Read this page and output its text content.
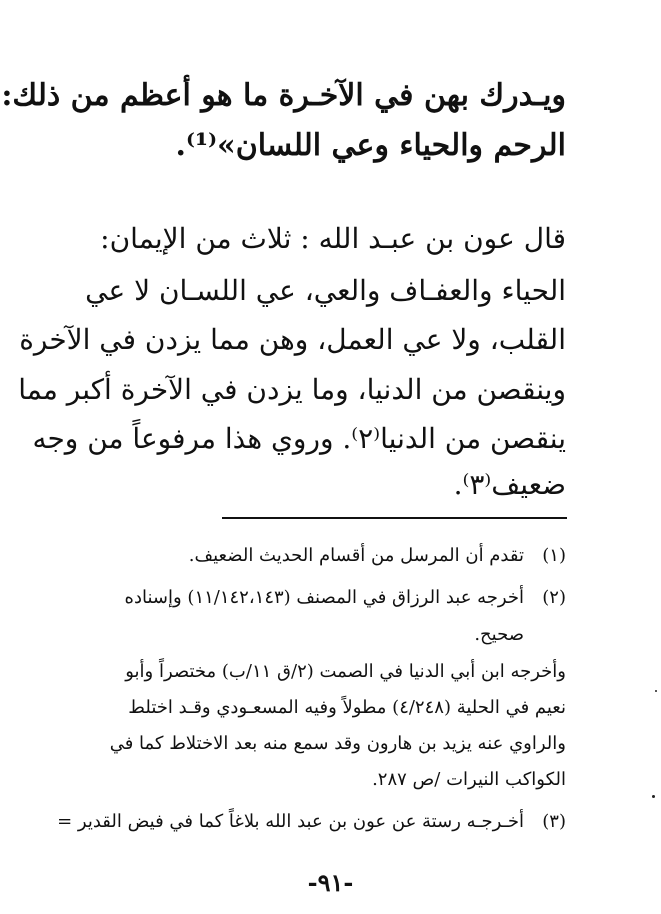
ويـدرك بهن في الآخـرة ما هو أعظم من ذلك:
الرحم والحياء وعي اللسان»⁽¹⁾.
قال عون بن عبـد الله : ثلاث من الإيمان:
الحياء والعفـاف والعي، عي اللسـان لا عي
القلب، ولا عي العمل، وهن مما يزدن في الآخرة
وينقصن من الدنيا، وما يزدن في الآخرة أكبر مما
ينقصن من الدنيا⁽٢⁾. وروي هذا مرفوعاً من وجه
ضعيف⁽٣⁾.
(١)
تقدم أن المرسل من أقسام الحديث الضعيف.
(٢)
أخرجه عبد الرزاق في المصنف (١١/١٤٢،١٤٣) وإسناده
صحيح.
وأخرجه ابن أبي الدنيا في الصمت (٢/ق ١١/ب) مختصراً وأبو
نعيم في الحلية (٤/٢٤٨) مطولاً وفيه المسعـودي وقـد اختلط
والراوي عنه يزيد بن هارون وقد سمع منه بعد الاختلاط كما في
الكواكب النيرات /ص ٢٨٧.
(٣)
أخـرجـه رستة عن عون بن عبد الله بلاغاً كما في فيض القدير =
-٩١-
